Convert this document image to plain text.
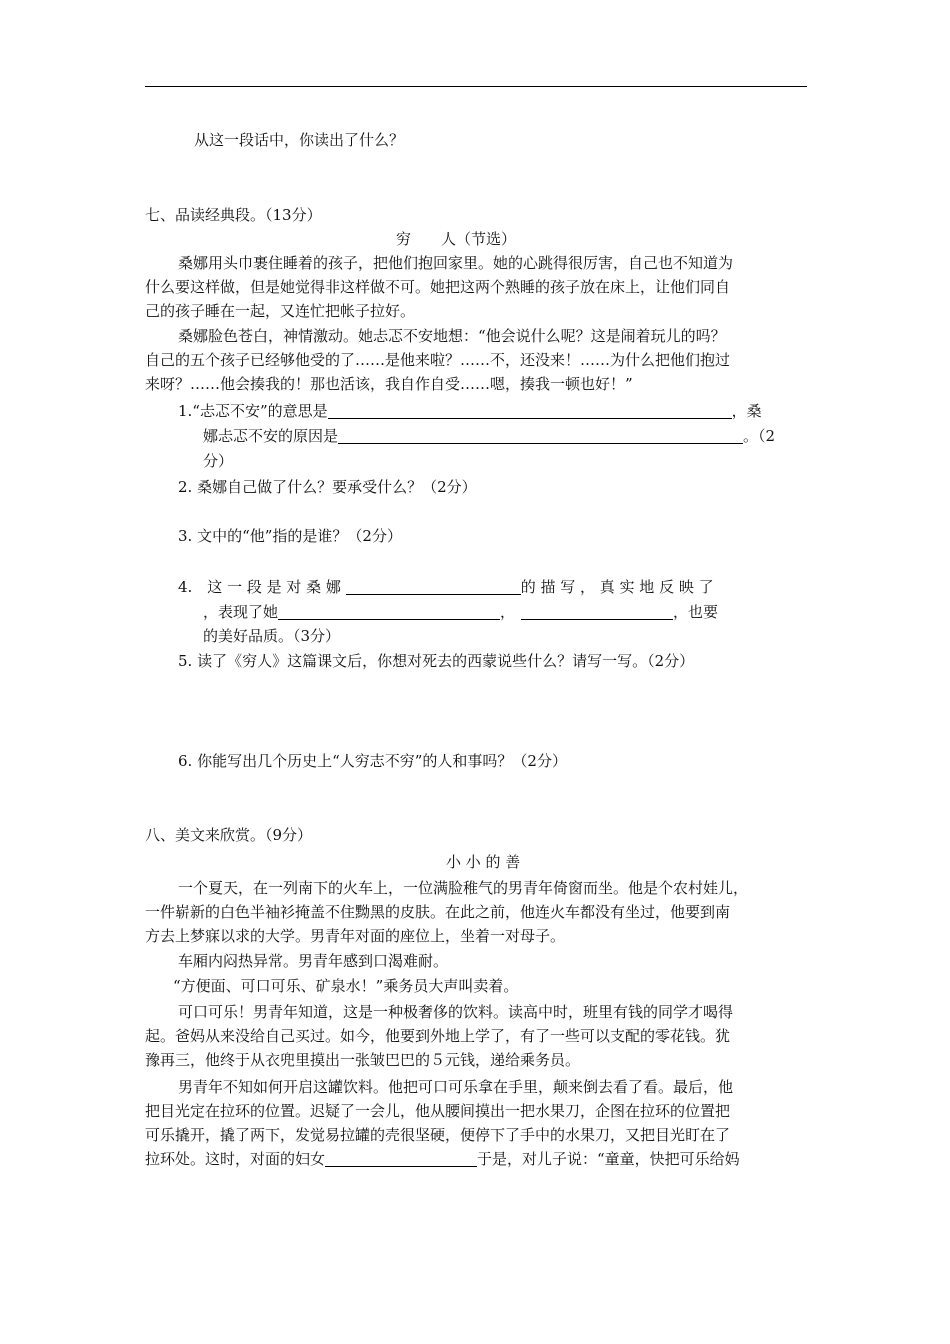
从这一段话中，你读出了什么？
七、品读经典段。（13分）
穷　　人（节选）
桑娜用头巾裹住睡着的孩子，把他们抱回家里。她的心跳得很厉害，自己也不知道为
什么要这样做，但是她觉得非这样做不可。她把这两个熟睡的孩子放在床上，让他们同自
己的孩子睡在一起，又连忙把帐子拉好。
桑娜脸色苍白，神情激动。她忐忑不安地想：“他会说什么呢？这是闹着玩儿的吗？
自己的五个孩子已经够他受的了……是他来啦？……不，还没来！……为什么把他们抱过
来呀？……他会揍我的！那也活该，我自作自受……嗯，揍我一顿也好！”
1.“忐忑不安”的意思是	，桑
娜忐忑不安的原因是	。（2
分）
2. 桑娜自己做了什么？要承受什么？（2分）
3. 文中的“他”指的是谁？（2分）
4.　这 一 段 是 对 桑 娜	的 描 写 ， 真 实 地 反 映 了
，表现了她	，	，也要
的美好品质。（3分）
5. 读了《穷人》这篇课文后，你想对死去的西蒙说些什么？请写一写。（2分）
6. 你能写出几个历史上“人穷志不穷”的人和事吗？（2分）
八、美文来欣赏。（9分）
小 小 的 善
一个夏天，在一列南下的火车上，一位满脸稚气的男青年倚窗而坐。他是个农村娃儿，
一件崭新的白色半袖衫掩盖不住黝黑的皮肤。在此之前，他连火车都没有坐过，他要到南
方去上梦寐以求的大学。男青年对面的座位上，坐着一对母子。
车厢内闷热异常。男青年感到口渴难耐。
“方便面、可口可乐、矿泉水！”乘务员大声叫卖着。
可口可乐！男青年知道，这是一种极奢侈的饮料。读高中时，班里有钱的同学才喝得
起。爸妈从来没给自己买过。如今，他要到外地上学了，有了一些可以支配的零花钱。犹
豫再三，他终于从衣兜里摸出一张皱巴巴的５元钱，递给乘务员。
男青年不知如何开启这罐饮料。他把可口可乐拿在手里，颠来倒去看了看。最后，他
把目光定在拉环的位置。迟疑了一会儿，他从腰间摸出一把水果刀，企图在拉环的位置把
可乐撬开，撬了两下，发觉易拉罐的壳很坚硬，便停下了手中的水果刀，又把目光盯在了
拉环处。这时，对面的妇女	于是，对儿子说：“童童，快把可乐给妈
